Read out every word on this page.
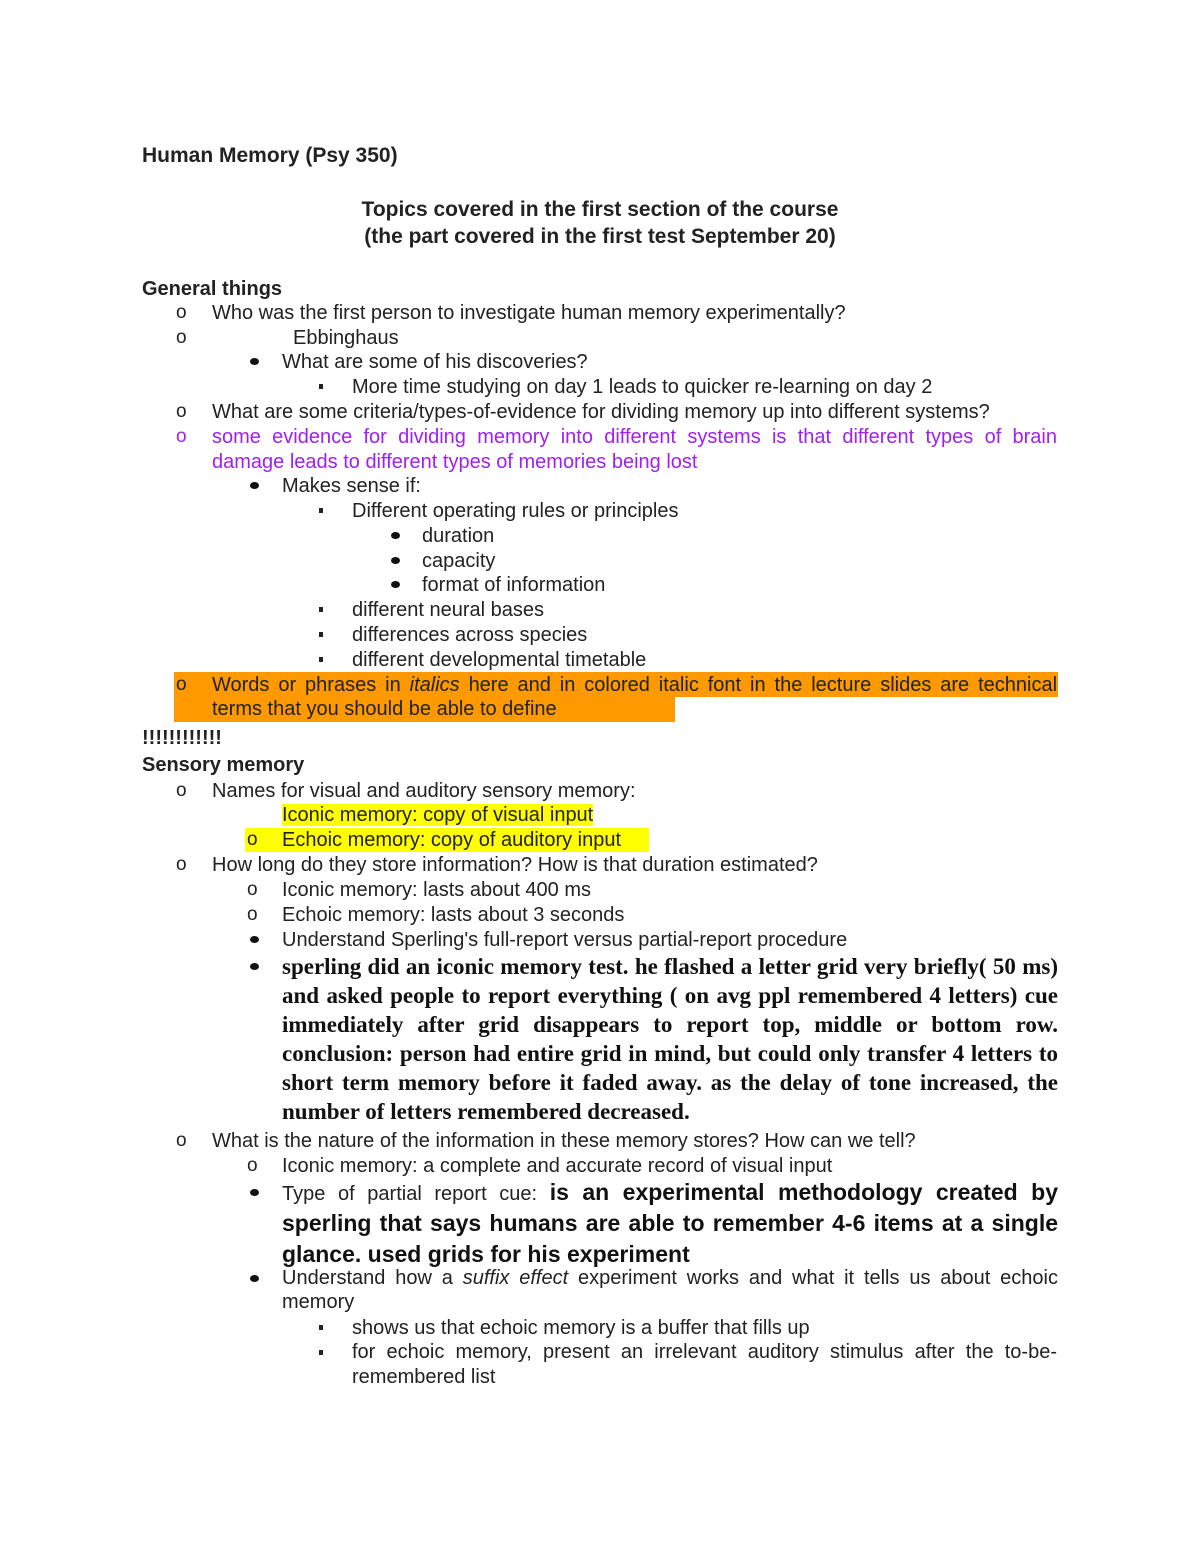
Human Memory (Psy 350)
Topics covered in the first section of the course
(the part covered in the first test September 20)
General things
o Who was the first person to investigate human memory experimentally?
o	Ebbinghaus
What are some of his discoveries?
More time studying on day 1 leads to quicker re-learning on day 2
o What are some criteria/types-of-evidence for dividing memory up into different systems?
o some evidence for dividing memory into different systems is that different types of brain damage leads to different types of memories being lost
Makes sense if:
Different operating rules or principles
duration
capacity
format of information
different neural bases
differences across species
different developmental timetable
o Words or phrases in italics here and in colored italic font in the lecture slides are technical terms that you should be able to define
!!!!!!!!!!!!
Sensory memory
o Names for visual and auditory sensory memory:
Iconic memory: copy of visual input
o Echoic memory: copy of auditory input
o How long do they store information? How is that duration estimated?
o Iconic memory: lasts about 400 ms
o Echoic memory: lasts about 3 seconds
Understand Sperling's full-report versus partial-report procedure
sperling did an iconic memory test. he flashed a letter grid very briefly( 50 ms) and asked people to report everything ( on avg ppl remembered 4 letters) cue immediately after grid disappears to report top, middle or bottom row. conclusion: person had entire grid in mind, but could only transfer 4 letters to short term memory before it faded away. as the delay of tone increased, the number of letters remembered decreased.
o What is the nature of the information in these memory stores? How can we tell?
o Iconic memory: a complete and accurate record of visual input
Type of partial report cue: is an experimental methodology created by sperling that says humans are able to remember 4-6 items at a single glance. used grids for his experiment
Understand how a suffix effect experiment works and what it tells us about echoic memory
shows us that echoic memory is a buffer that fills up
for echoic memory, present an irrelevant auditory stimulus after the to-be-remembered list
